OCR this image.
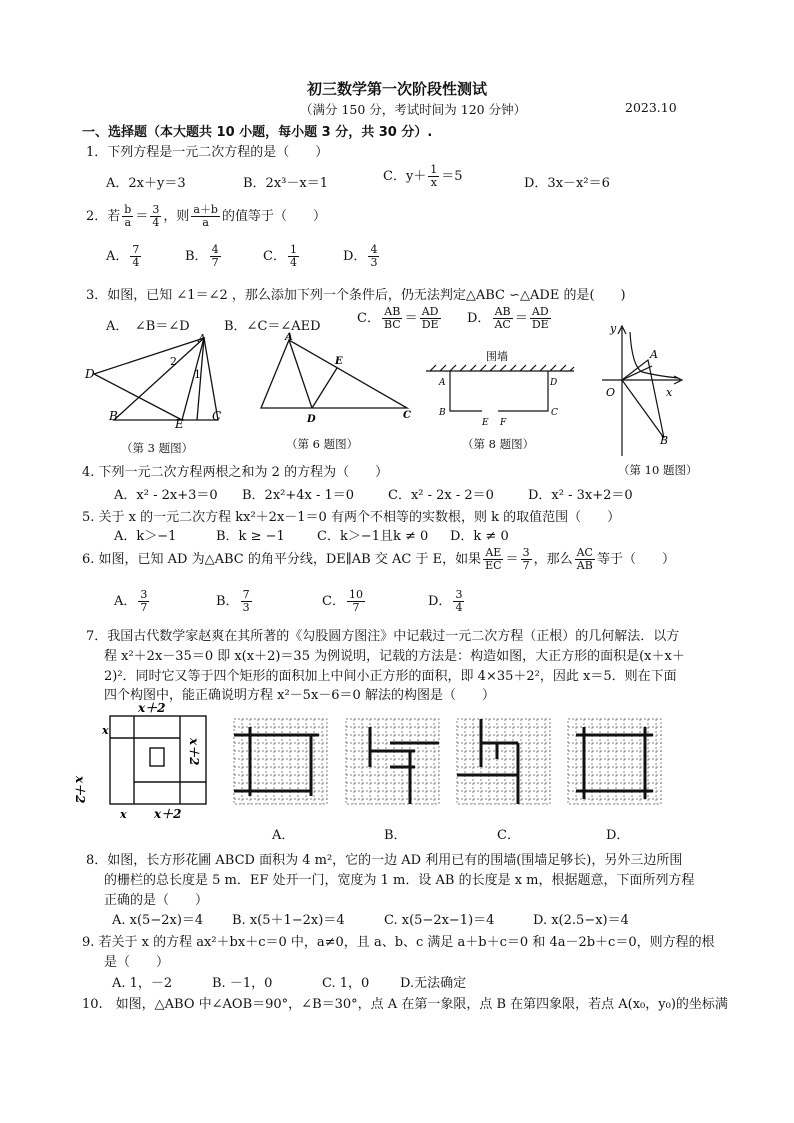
初三数学第一次阶段性测试
（满分 150 分，考试时间为 120 分钟）	2023.10
一、选择题（本大题共 10 小题，每小题 3 分，共 30 分）.
1．下列方程是一元二次方程的是（　　）
A．2x＋y＝3	B．2x³－x＝1	C．$y+ \frac{1}{x} =5$	D．3x－x²＝6
2．若 $\frac{b}{a} = \frac{3}{4}$ ，则 $\frac{a+b}{a}$ 的值等于（　　）
A． $\frac{7}{4}$	B． $\frac{4}{7}$	C． $\frac{1}{4}$	D． $\frac{4}{3}$
3．如图，已知 ∠1＝∠2 ，那么添加下列一个条件后，仍无法判定△ABC ∽△ADE 的是(　　)
A．　∠B＝∠D	B．∠C＝∠AED
C． $\frac{AB}{BC} = \frac{AD}{DE}$ D． $\frac{AB}{AC} = \frac{AD}{DE}$
A
D
2
1
B
E
C
（第 3 题图）
A
E
D	C
（第 6 题图）
围墙
A	D
B
E F
C
（第 8 题图）
y
A
O	x
B
（第 10 题图）
4. 下列一元二次方程两根之和为 2 的方程为（　　）
A．x² - 2x+3＝0 B．2x²+4x - 1＝0	C．x² - 2x - 2＝0	D．x² - 3x+2＝0
5. 关于 x 的一元二次方程 kx²＋2x－1＝0 有两个不相等的实数根，则 k 的取值范围（　　）
A．k＞−1	B．k ≥ −1 C．k＞−1且k ≠ 0 D．k ≠ 0
6. 如图，已知 AD 为△ABC 的角平分线，DE∥AB 交 AC 于 E，如果 $\frac{AE}{EC} = \frac{3}{7}$ ，那么 $\frac{AC}{AB}$ 等于（　　）
A． $\frac{3}{7}$	B． $\frac{7}{3}$	C． $\frac{10}{7}$	D． $\frac{3}{4}$
7．我国古代数学家赵爽在其所著的《勾股圆方图注》中记载过一元二次方程（正根）的几何解法．以方
程 x²＋2x－35＝0 即 x(x＋2)＝35 为例说明，记载的方法是：构造如图，大正方形的面积是(x＋x＋
2)²．同时它又等于四个矩形的面积加上中间小正方形的面积，即 4×35＋2²，因此 x＝5．则在下面
四个构图中，能正确说明方程 x²－5x－6＝0 解法的构图是（　　）
x＋2
x
x＋2
x＋2
x x＋2
A．	B．	C．	D．
8．如图，长方形花圃 ABCD 面积为 4 m²，它的一边 AD 利用已有的围墙(围墙足够长)，另外三边所围
的栅栏的总长度是 5 m．EF 处开一门，宽度为 1 m．设 AB 的长度是 x m，根据题意，下面所列方程
正确的是（　　）
A. x(5−2x)＝4 B. x(5＋1−2x)＝4	C. x(5−2x−1)＝4	D. x(2.5−x)＝4
9. 若关于 x 的方程 ax²＋bx＋c＝0 中，a≠0，且 a、b、c 满足 a＋b＋c＝0 和 4a－2b＋c＝0，则方程的根
是（　　）
A. 1，－2	B. －1，0	C. 1，0 D.无法确定
10.　如图，△ABO 中∠AOB＝90°，∠B＝30°，点 A 在第一象限，点 B 在第四象限，若点 A(x₀，y₀)的坐标满
